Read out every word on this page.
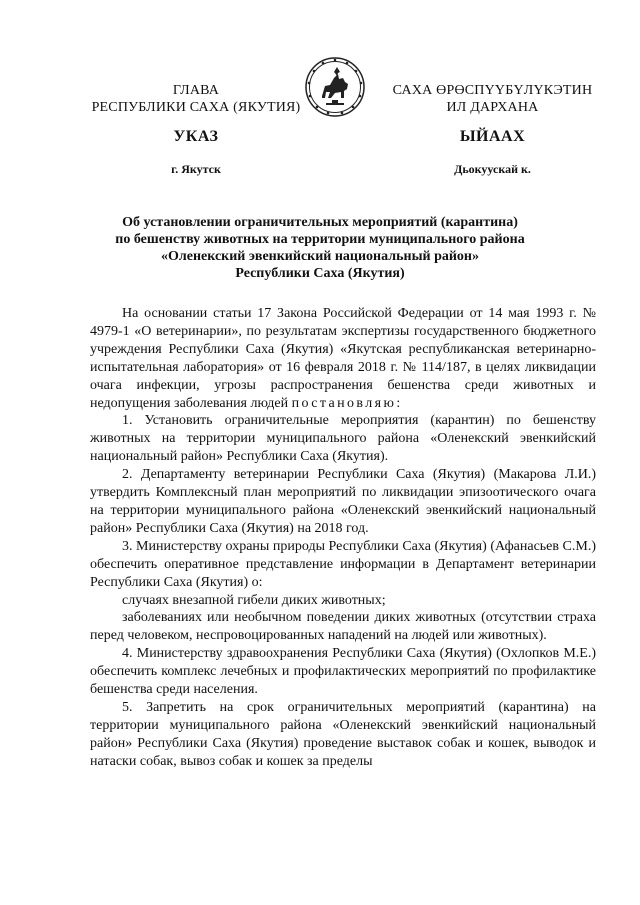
ГЛАВА
РЕСПУБЛИКИ САХА (ЯКУТИЯ)
САХА ӨРӨСПҮҮБҮЛҮКЭТИН
ИЛ ДАРХАНА
УКАЗ	ЫЙААХ
г. Якутск	Дьокуускай к.
Об установлении ограничительных мероприятий (карантина)
по бешенству животных на территории муниципального района
«Оленекский эвенкийский национальный район»
Республики Саха (Якутия)

На основании статьи 17 Закона Российской Федерации от 14 мая 1993 г. № 4979-1 «О ветеринарии», по результатам экспертизы государственного бюджетного учреждения Республики Саха (Якутия) «Якутская республиканская ветеринарно-испытательная лаборатория» от 16 февраля 2018 г. № 114/187, в целях ликвидации очага инфекции, угрозы распространения бешенства среди животных и недопущения заболевания людей постановляю:

1. Установить ограничительные мероприятия (карантин) по бешенству животных на территории муниципального района «Оленекский эвенкийский национальный район» Республики Саха (Якутия).

2. Департаменту ветеринарии Республики Саха (Якутия) (Макарова Л.И.) утвердить Комплексный план мероприятий по ликвидации эпизоотического очага на территории муниципального района «Оленекский эвенкийский национальный район» Республики Саха (Якутия) на 2018 год.

3. Министерству охраны природы Республики Саха (Якутия) (Афанасьев С.М.) обеспечить оперативное представление информации в Департамент ветеринарии Республики Саха (Якутия) о:

случаях внезапной гибели диких животных;

заболеваниях или необычном поведении диких животных (отсутствии страха перед человеком, неспровоцированных нападений на людей или животных).

4. Министерству здравоохранения Республики Саха (Якутия) (Охлопков М.Е.) обеспечить комплекс лечебных и профилактических мероприятий по профилактике бешенства среди населения.

5. Запретить на срок ограничительных мероприятий (карантина) на территории муниципального района «Оленекский эвенкийский национальный район» Республики Саха (Якутия) проведение выставок собак и кошек, выводок и натаски собак, вывоз собак и кошек за пределы
